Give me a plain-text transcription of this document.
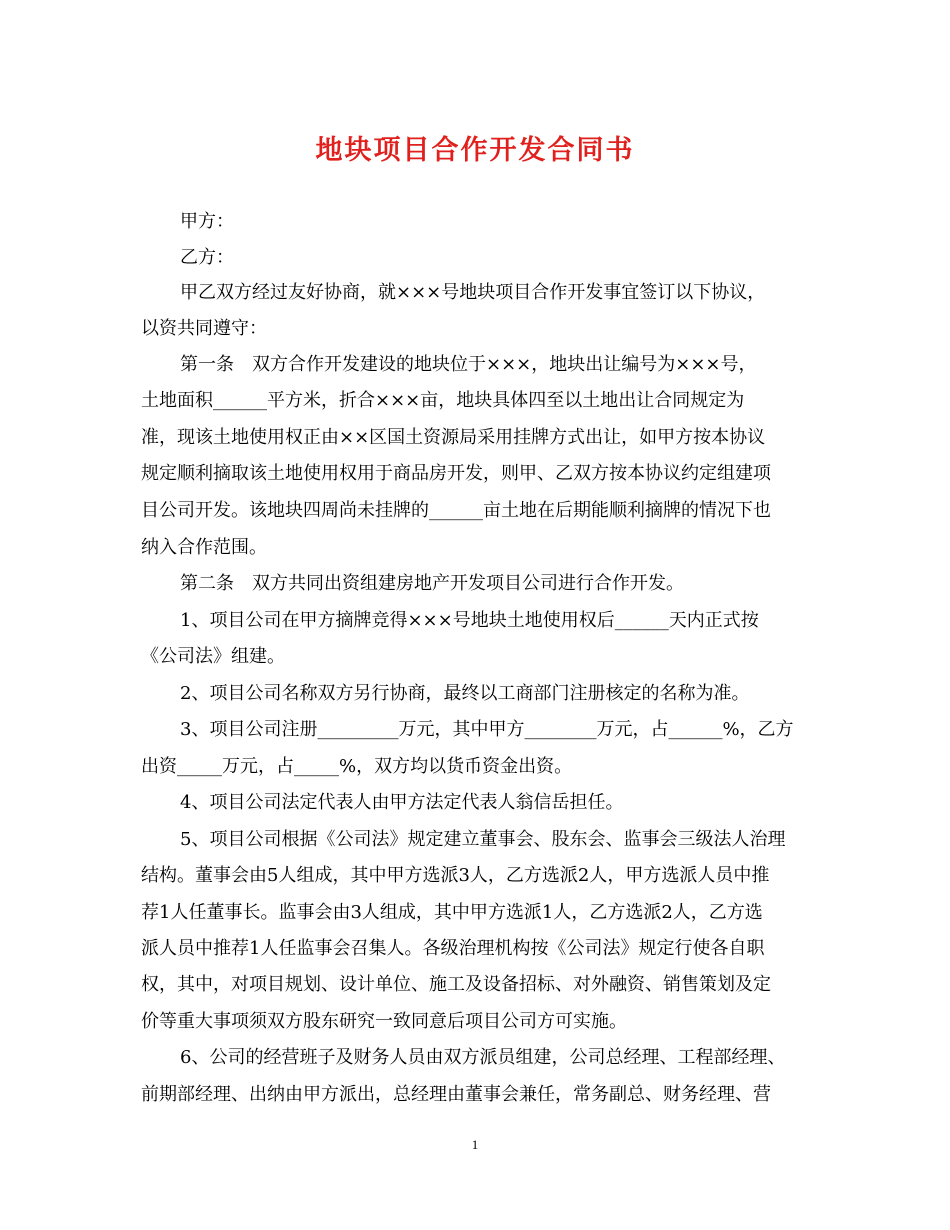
地块项目合作开发合同书

甲方：

乙方：

甲乙双方经过友好协商，就×××号地块项目合作开发事宜签订以下协议，

以资共同遵守：

第一条　双方合作开发建设的地块位于×××，地块出让编号为×××号，

土地面积______平方米，折合×××亩，地块具体四至以土地出让合同规定为

准，现该土地使用权正由××区国土资源局采用挂牌方式出让，如甲方按本协议

规定顺利摘取该土地使用权用于商品房开发，则甲、乙双方按本协议约定组建项

目公司开发。该地块四周尚未挂牌的______亩土地在后期能顺利摘牌的情况下也

纳入合作范围。

第二条　双方共同出资组建房地产开发项目公司进行合作开发。

1、项目公司在甲方摘牌竞得×××号地块土地使用权后______天内正式按

《公司法》组建。

2、项目公司名称双方另行协商，最终以工商部门注册核定的名称为准。

3、项目公司注册_________万元，其中甲方________万元，占______%，乙方

出资_____万元，占_____%，双方均以货币资金出资。

4、项目公司法定代表人由甲方法定代表人翁信岳担任。

5、项目公司根据《公司法》规定建立董事会、股东会、监事会三级法人治理

结构。董事会由5人组成，其中甲方选派3人，乙方选派2人，甲方选派人员中推

荐1人任董事长。监事会由3人组成，其中甲方选派1人，乙方选派2人，乙方选

派人员中推荐1人任监事会召集人。各级治理机构按《公司法》规定行使各自职

权，其中，对项目规划、设计单位、施工及设备招标、对外融资、销售策划及定

价等重大事项须双方股东研究一致同意后项目公司方可实施。

6、公司的经营班子及财务人员由双方派员组建，公司总经理、工程部经理、

前期部经理、出纳由甲方派出，总经理由董事会兼任，常务副总、财务经理、营

1
